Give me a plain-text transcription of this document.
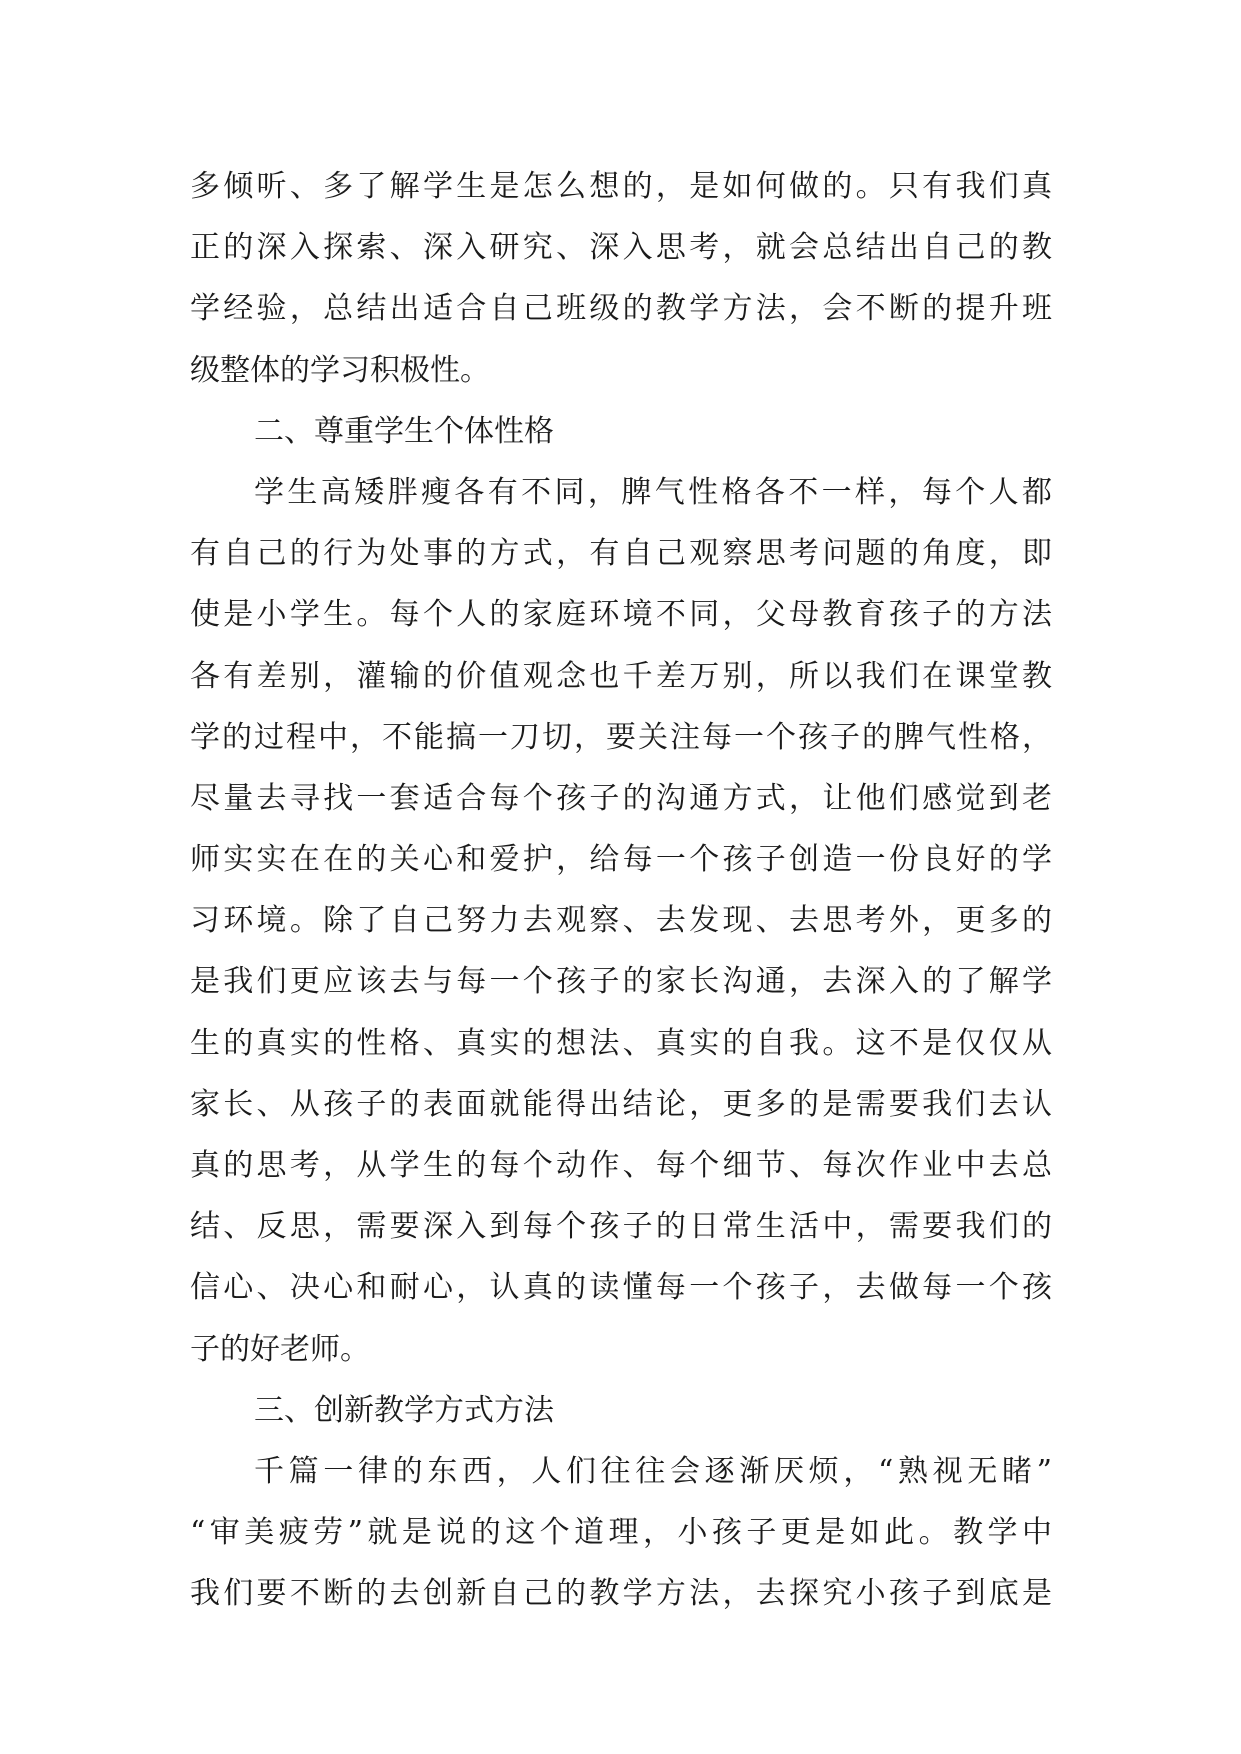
多倾听、多了解学生是怎么想的，是如何做的。只有我们真
正的深入探索、深入研究、深入思考，就会总结出自己的教
学经验，总结出适合自己班级的教学方法，会不断的提升班
级整体的学习积极性。
二、尊重学生个体性格
学生高矮胖瘦各有不同，脾气性格各不一样，每个人都
有自己的行为处事的方式，有自己观察思考问题的角度，即
使是小学生。每个人的家庭环境不同，父母教育孩子的方法
各有差别，灌输的价值观念也千差万别，所以我们在课堂教
学的过程中，不能搞一刀切，要关注每一个孩子的脾气性格，
尽量去寻找一套适合每个孩子的沟通方式，让他们感觉到老
师实实在在的关心和爱护，给每一个孩子创造一份良好的学
习环境。除了自己努力去观察、去发现、去思考外，更多的
是我们更应该去与每一个孩子的家长沟通，去深入的了解学
生的真实的性格、真实的想法、真实的自我。这不是仅仅从
家长、从孩子的表面就能得出结论，更多的是需要我们去认
真的思考，从学生的每个动作、每个细节、每次作业中去总
结、反思，需要深入到每个孩子的日常生活中，需要我们的
信心、决心和耐心，认真的读懂每一个孩子，去做每一个孩
子的好老师。
三、创新教学方式方法
千篇一律的东西，人们往往会逐渐厌烦，“熟视无睹”
“审美疲劳”就是说的这个道理，小孩子更是如此。教学中
我们要不断的去创新自己的教学方法，去探究小孩子到底是
